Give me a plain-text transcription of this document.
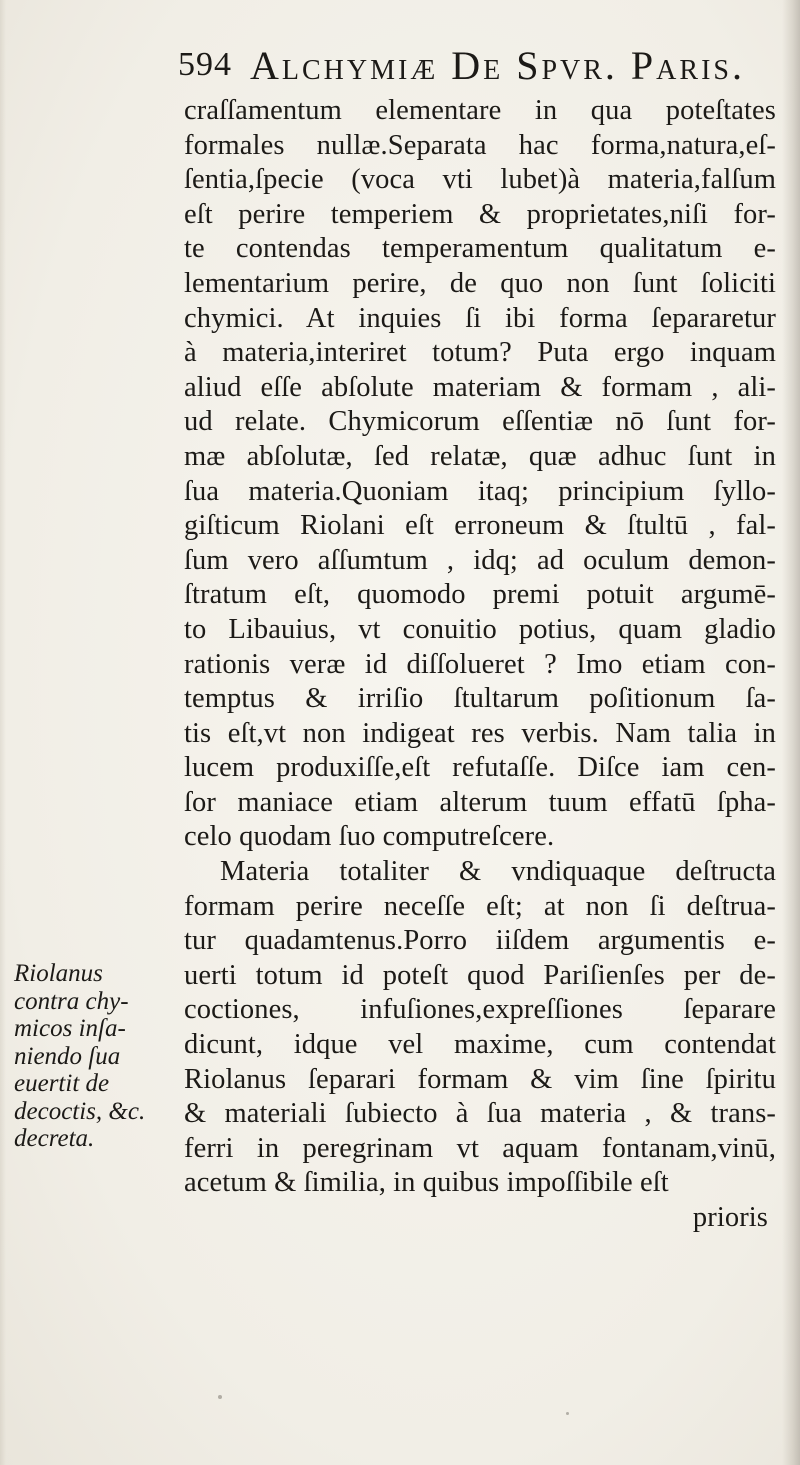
594 Alchymiæ De Spvr. Paris.
craſſamentum elementare in qua poteſtates
formales nullæ.Separata hac forma,natura,eſ-
ſentia,ſpecie (voca vti lubet)à materia,falſum
eſt perire temperiem & proprietates,niſi for-
te contendas temperamentum qualitatum e-
lementarium perire, de quo non ſunt ſoliciti
chymici. At inquies ſi ibi forma ſepararetur
à materia,interiret totum? Puta ergo inquam
aliud eſſe abſolute materiam & formam , ali-
ud relate. Chymicorum eſſentiæ nō ſunt for-
mæ abſolutæ, ſed relatæ, quæ adhuc ſunt in
ſua materia.Quoniam itaq; principium ſyllo-
giſticum Riolani eſt erroneum & ſtultū , fal-
ſum vero aſſumtum , idq; ad oculum demon-
ſtratum eſt, quomodo premi potuit argumē-
to Libauius, vt conuitio potius, quam gladio
rationis veræ id diſſolueret ? Imo etiam con-
temptus & irriſio ſtultarum poſitionum ſa-
tis eſt,vt non indigeat res verbis. Nam talia in
lucem produxiſſe,eſt refutaſſe. Diſce iam cen-
ſor maniace etiam alterum tuum effatū ſpha-
celo quodam ſuo computreſcere.
Materia totaliter & vndiquaque deſtructa
formam perire neceſſe eſt; at non ſi deſtrua-
tur quadamtenus.Porro iiſdem argumentis e-
uerti totum id poteſt quod Pariſienſes per de-
coctiones, infuſiones,expreſſiones ſeparare
dicunt, idque vel maxime, cum contendat
Riolanus ſeparari formam & vim ſine ſpiritu
& materiali ſubiecto à ſua materia , & trans-
ferri in peregrinam vt aquam fontanam,vinū,
acetum & ſimilia, in quibus impoſſibile eſt
prioris
Riolanus
contra chy-
micos inſa-
niendo ſua
euertit de
decoctis, &c.
decreta.
